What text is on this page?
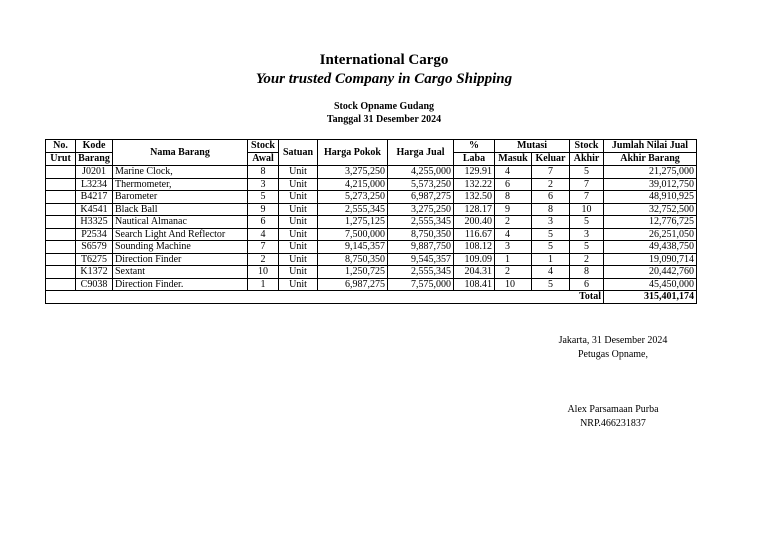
International Cargo
Your trusted Company in Cargo Shipping
Stock Opname Gudang
Tanggal 31 Desember 2024
No.	Kode	Nama Barang	Stock	Satuan	Harga Pokok	Harga Jual	%	Mutasi		Stock	Jumlah Nilai Jual
Urut	Barang		Awal				Laba	Masuk	Keluar	Akhir	Akhir Barang
	J0201	Marine Clock,	8	Unit	3,275,250	4,255,000	129.91	4	7	5	21,275,000
	L3234	Thermometer,	3	Unit	4,215,000	5,573,250	132.22	6	2	7	39,012,750
	B4217	Barometer	5	Unit	5,273,250	6,987,275	132.50	8	6	7	48,910,925
	K4541	Black Ball	9	Unit	2,555,345	3,275,250	128.17	9	8	10	32,752,500
	H3325	Nautical Almanac	6	Unit	1,275,125	2,555,345	200.40	2	3	5	12,776,725
	P2534	Search Light And Reflector	4	Unit	7,500,000	8,750,350	116.67	4	5	3	26,251,050
	S6579	Sounding Machine	7	Unit	9,145,357	9,887,750	108.12	3	5	5	49,438,750
	T6275	Direction Finder	2	Unit	8,750,350	9,545,357	109.09	1	1	2	19,090,714
	K1372	Sextant	10	Unit	1,250,725	2,555,345	204.31	2	4	8	20,442,760
	C9038	Direction Finder.	1	Unit	6,987,275	7,575,000	108.41	10	5	6	45,450,000
Total											315,401,174
Jakarta, 31 Desember 2024
Petugas Opname,
Alex Parsamaan Purba
NRP.466231837
